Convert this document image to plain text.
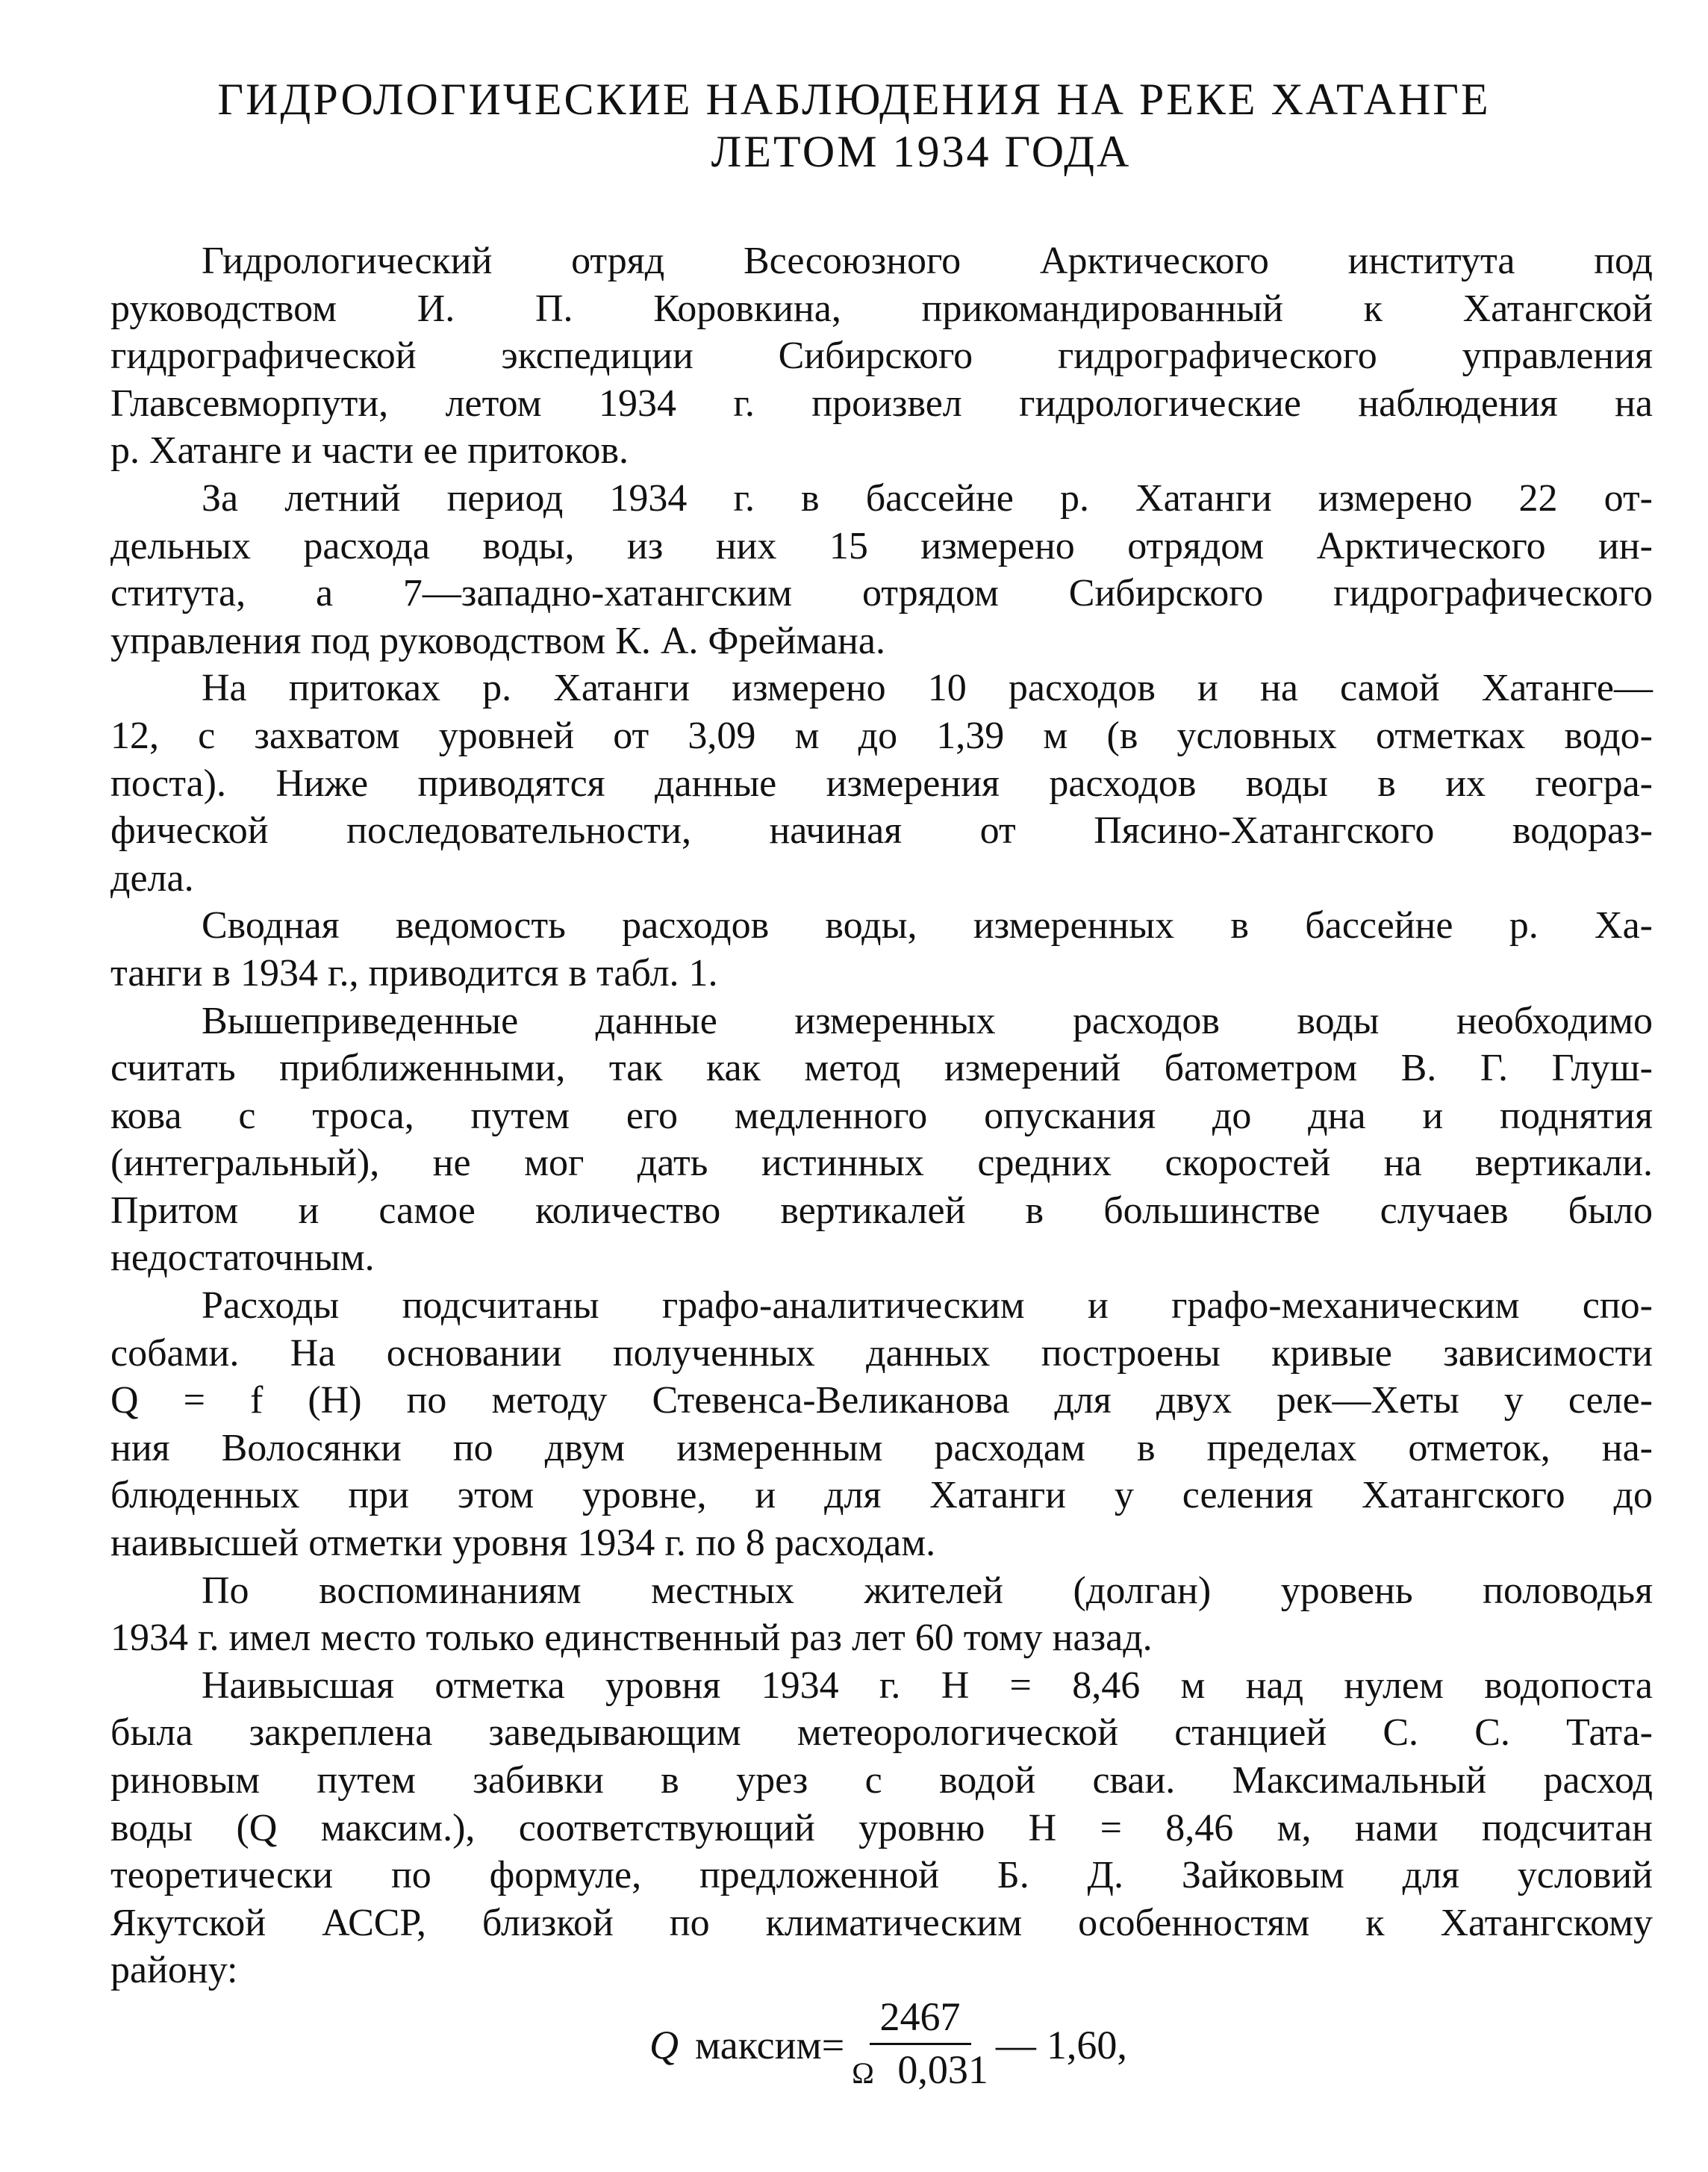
ГИДРОЛОГИЧЕСКИЕ НАБЛЮДЕНИЯ НА РЕКЕ ХАТАНГЕ
ЛЕТОМ 1934 ГОДА
Гидрологический отряд Всесоюзного Арктического института под
руководством И. П. Коровкина, прикомандированный к Хатангской
гидрографической экспедиции Сибирского гидрографического управления
Главсевморпути, летом 1934 г. произвел гидрологические наблюдения на
р. Хатанге и части ее притоков.
За летний период 1934 г. в бассейне р. Хатанги измерено 22 от-
дельных расхода воды, из них 15 измерено отрядом Арктического ин-
ститута, а 7—западно-хатангским отрядом Сибирского гидрографического
управления под руководством К. А. Фреймана.
На притоках р. Хатанги измерено 10 расходов и на самой Хатанге—
12, с захватом уровней от 3,09 м до 1,39 м (в условных отметках водо-
поста). Ниже приводятся данные измерения расходов воды в их геогра-
фической последовательности, начиная от Пясино-Хатангского водораз-
дела.
Сводная ведомость расходов воды, измеренных в бассейне р. Ха-
танги в 1934 г., приводится в табл. 1.
Вышеприведенные данные измеренных расходов воды необходимо
считать приближенными, так как метод измерений батометром В. Г. Глуш-
кова с троса, путем его медленного опускания до дна и поднятия
(интегральный), не мог дать истинных средних скоростей на вертикали.
Притом и самое количество вертикалей в большинстве случаев было
недостаточным.
Расходы подсчитаны графо-аналитическим и графо-механическим спо-
собами. На основании полученных данных построены кривые зависимости
Q = f (H) по методу Стевенса-Великанова для двух рек—Хеты у селе-
ния Волосянки по двум измеренным расходам в пределах отметок, на-
блюденных при этом уровне, и для Хатанги у селения Хатангского до
наивысшей отметки уровня 1934 г. по 8 расходам.
По воспоминаниям местных жителей (долган) уровень половодья
1934 г. имел место только единственный раз лет 60 тому назад.
Наивысшая отметка уровня 1934 г. H = 8,46 м над нулем водопоста
была закреплена заведывающим метеорологической станцией С. С. Тата-
риновым путем забивки в урез с водой сваи. Максимальный расход
воды (Q максим.), соответствующий уровню H = 8,46 м, нами подсчитан
теоретически по формуле, предложенной Б. Д. Зайковым для условий
Якутской АССР, близкой по климатическим особенностям к Хатангскому
району:
Q максим = $\frac{2467}{\Omega 0,031}$ — 1,60,
